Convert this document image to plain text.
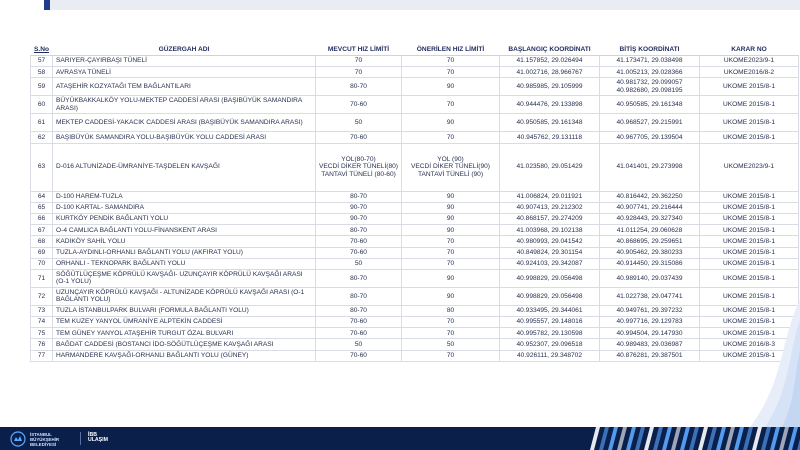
S.No	GÜZERGAH ADI	MEVCUT HIZ LİMİTİ	ÖNERİLEN HIZ LİMİTİ	BAŞLANGIÇ KOORDİNATI	BİTİŞ KOORDİNATI	KARAR NO
57	SARIYER-ÇAYIRBAŞI TÜNELİ	70	70	41.157852, 29.026494	41.173471, 29.038498	UKOME2023/9-1
58	AVRASYA TÜNELİ	70	70	41.002716, 28.966767	41.005213, 29.028366	UKOME2016/8-2
59	ATAŞEHİR KOZYATAĞI TEM BAĞLANTILARI	80-70	90	40.985985, 29.105999	40.981732, 29.099057
40.982680, 29.098195	UKOME 2015/8-1
60	BÜYÜKBAKKALKÖY YOLU-MEKTEP CADDESİ ARASI (BAŞIBÜYÜK SAMANDIRA ARASI)	70-60	70	40.944476, 29.133898	40.950585, 29.161348	UKOME 2015/8-1
61	MEKTEP CADDESİ-YAKACIK CADDESİ ARASI (BAŞIBÜYÜK SAMANDIRA ARASI)	50	90	40.950585, 29.161348	40.968527, 29.215991	UKOME 2015/8-1
62	BAŞIBÜYÜK SAMANDIRA YOLU-BAŞIBÜYÜK YOLU CADDESİ ARASI	70-60	70	40.945762, 29.131118	40.967705, 29.139504	UKOME 2015/8-1
63	D-016 ALTUNİZADE-ÜMRANİYE-TAŞDELEN KAVŞAĞI	YOL(80-70)
VECDİ DİKER TÜNELİ(80)
TANTAVİ TÜNELİ (80-60)	YOL (90)
VECDİ DİKER TÜNELİ(90)
TANTAVİ TÜNELİ (90)	41.023580, 29.051429	41.041401, 29.273998	UKOME2023/9-1
64	D-100 HAREM-TUZLA	80-70	90	41.006824, 29.011921	40.816442, 29.362250	UKOME 2015/8-1
65	D-100 KARTAL- SAMANDIRA	90-70	90	40.907413, 29.212302	40.907741, 29.216444	UKOME 2015/8-1
66	KURTKÖY PENDİK BAĞLANTI YOLU	90-70	90	40.868157, 29.274209	40.928443, 29.327340	UKOME 2015/8-1
67	O-4 CAMLICA BAĞLANTI YOLU-FİNANSKENT ARASI	80-70	90	41.003968, 29.102138	41.011254, 29.060628	UKOME 2015/8-1
68	KADIKÖY SAHİL YOLU	70-60	70	40.980993, 29.041542	40.868695, 29.259651	UKOME 2015/8-1
69	TUZLA-AYDINLI-ORHANLI BAĞLANTI YOLU (AKFIRAT YOLU)	70-60	70	40.849824, 29.301154	40.905462, 29.380233	UKOME 2015/8-1
70	ORHANLI - TEKNOPARK BAĞLANTI YOLU	50	70	40.924103, 29.342087	40.914450, 29.315086	UKOME 2015/8-1
71	SÖĞÜTLÜÇEŞME KÖPRÜLÜ KAVŞAĞI- UZUNÇAYIR KÖPRÜLÜ KAVŞAĞI ARASI (O-1 YOLU)	80-70	90	40.998829, 29.056498	40.989140, 29.037439	UKOME 2015/8-1
72	UZUNÇAYIR KÖPRÜLÜ KAVŞAĞI - ALTUNİZADE KÖPRÜLÜ KAVŞAĞI ARASI (O-1 BAĞLANTI YOLU)	80-70	90	40.998829, 29.056498	41.022738, 29.047741	UKOME 2015/8-1
73	TUZLA İSTANBULPARK BULVARI (FORMULA BAĞLANTI YOLU)	80-70	80	40.933495, 29.344061	40.949761, 29.397232	UKOME 2015/8-1
74	TEM KUZEY YANYOL ÜMRANİYE ALPTEKİN CADDESİ	70-60	70	40.995557, 29.148016	40.997716, 29.129783	UKOME 2015/8-1
75	TEM GÜNEY YANYOL ATAŞEHİR TURGUT ÖZAL BULVARI	70-60	70	40.995782, 29.130598	40.994504, 29.147930	UKOME 2015/8-1
76	BAĞDAT CADDESİ (BOSTANCI İDO-SÖĞÜTLÜÇEŞME KAVŞAĞI ARASI	50	50	40.952307, 29.096518	40.989483, 29.036987	UKOME 2016/8-3
77	HARMANDERE KAVŞAĞI-ORHANLI BAĞLANTI YOLU (GÜNEY)	70-60	70	40.926111, 29.348702	40.876281, 29.387501	UKOME 2015/8-1
İSTANBUL
BÜYÜKŞEHİR
BELEDİYESİ
İBB
ULAŞIM
